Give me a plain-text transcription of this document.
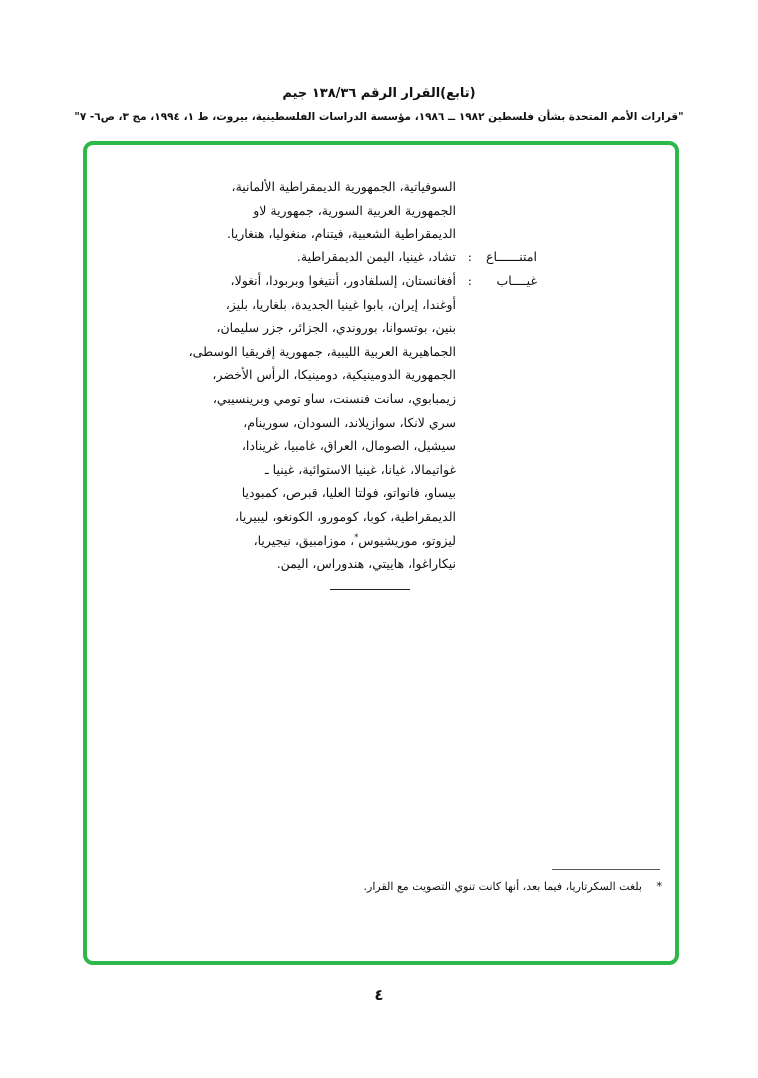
(تابع)القرار الرقم ١٣٨/٣٦ جيم
"قرارات الأمم المتحدة بشأن فلسطين ١٩٨٢ ــ ١٩٨٦، مؤسسة الدراسات الفلسطينية، بيروت، ط ١، ١٩٩٤، مج ٣، ص٦- ٧"
السوفياتية، الجمهورية الديمقراطية الألمانية،
الجمهورية العربية السورية، جمهورية لاو
الديمقراطية الشعبية، فيتنام، منغوليا، هنغاريا.
امتنــــــاع
:
تشاد، غينيا، اليمن الديمقراطية.
غيــــاب
:
أفغانستان، إلسلفادور، أنتيغوا وبربودا، أنغولا،
أوغندا، إيران، بابوا غينيا الجديدة، بلغاريا، بليز،
بنين، بوتسوانا، بوروندي، الجزائر، جزر سليمان،
الجماهيرية العربية الليبية، جمهورية إفريقيا الوسطى،
الجمهورية الدومينيكية، دومينيكا، الرأس الأخضر،
زيمبابوي، سانت فنسنت، ساو تومي وبرينسيبي،
سري لانكا، سوازيلاند، السودان، سورينام،
سيشيل، الصومال، العراق، غامبيا، غرينادا،
غواتيمالا، غيانا، غينيا الاستوائية، غينيا ـ
بيساو، فانواتو، فولتا العليا، قبرص، كمبوديا
الديمقراطية، كوبا، كومورو، الكونغو، ليبيريا،
ليزوتو، موريشيوس*، موزامبيق، نيجيريا،
نيكاراغوا، هاييتي، هندوراس، اليمن.
*
بلغت السكرتاريا، فيما بعد، أنها كانت تنوي التصويت مع القرار.
٤
